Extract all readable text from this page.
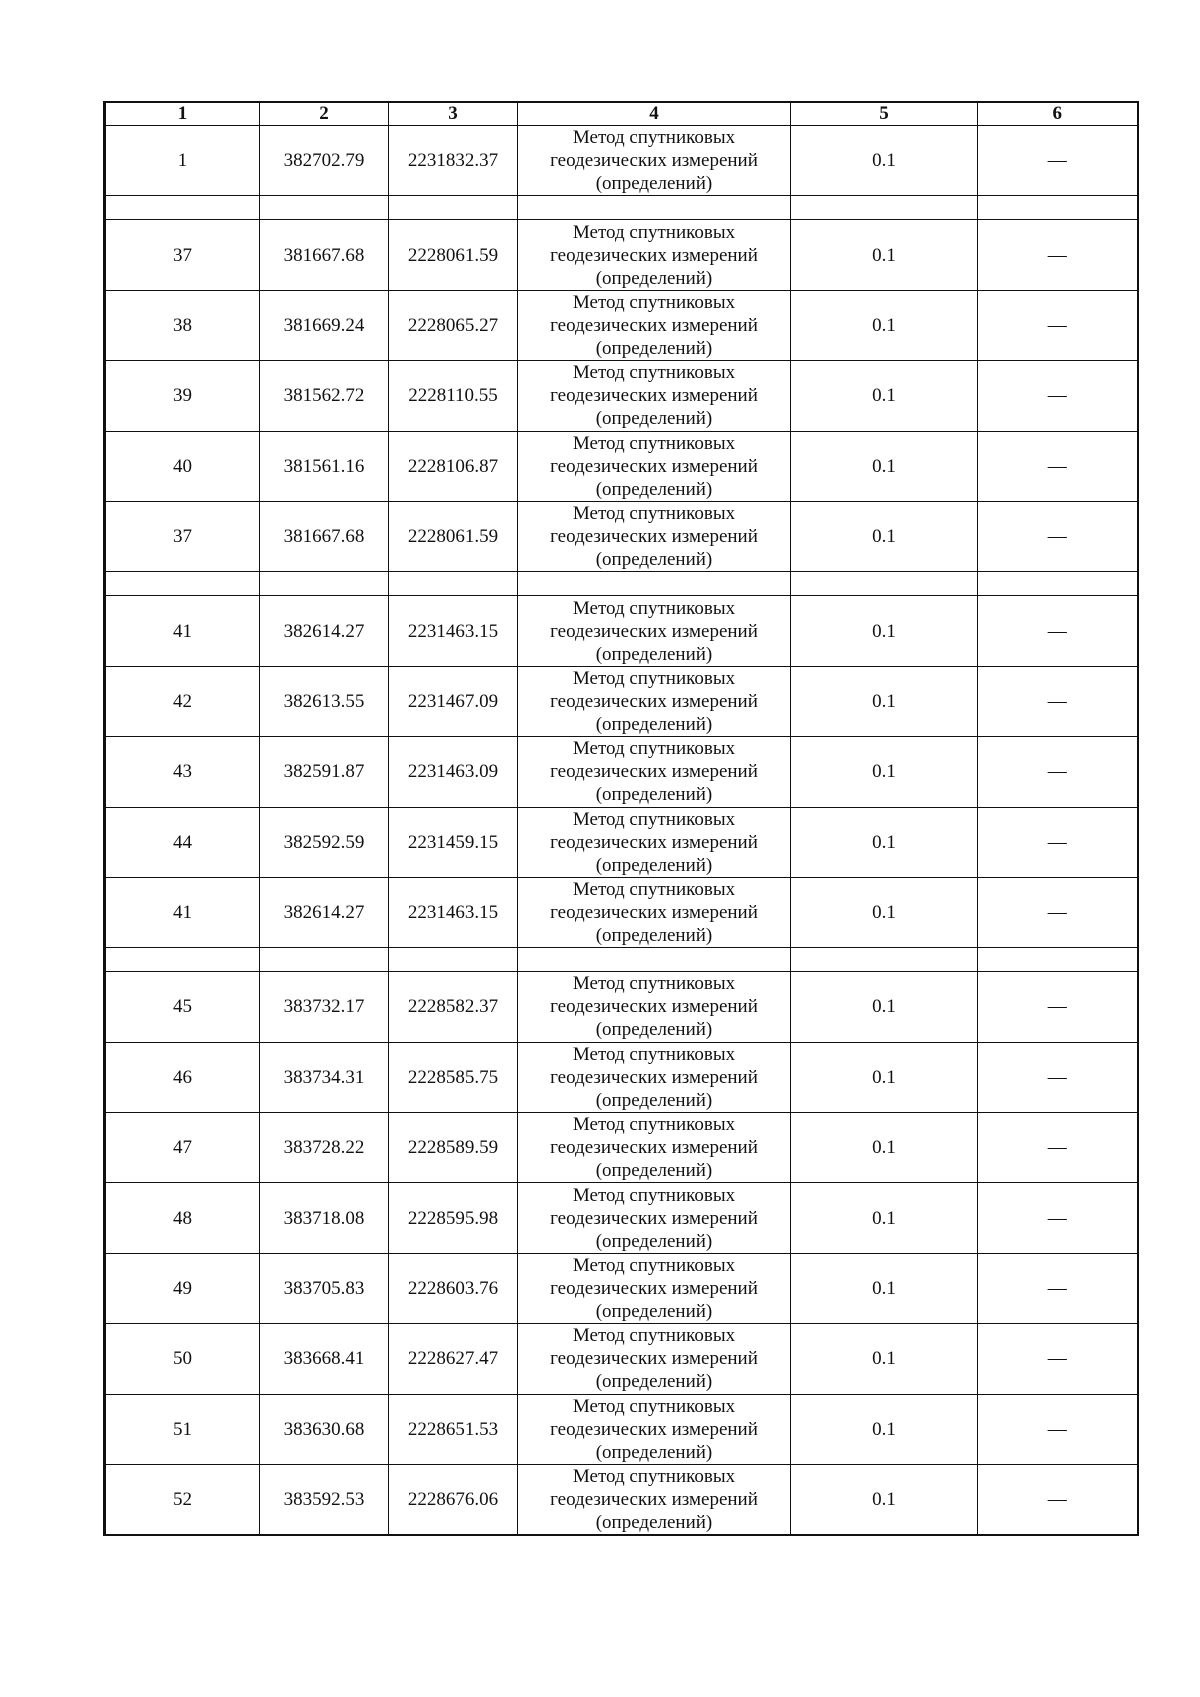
1	2	3	4	5	6
1	382702.79	2231832.37	Метод спутниковых геодезических измерений (определений)	0.1	—

37	381667.68	2228061.59	Метод спутниковых геодезических измерений (определений)	0.1	—
38	381669.24	2228065.27	Метод спутниковых геодезических измерений (определений)	0.1	—
39	381562.72	2228110.55	Метод спутниковых геодезических измерений (определений)	0.1	—
40	381561.16	2228106.87	Метод спутниковых геодезических измерений (определений)	0.1	—
37	381667.68	2228061.59	Метод спутниковых геодезических измерений (определений)	0.1	—

41	382614.27	2231463.15	Метод спутниковых геодезических измерений (определений)	0.1	—
42	382613.55	2231467.09	Метод спутниковых геодезических измерений (определений)	0.1	—
43	382591.87	2231463.09	Метод спутниковых геодезических измерений (определений)	0.1	—
44	382592.59	2231459.15	Метод спутниковых геодезических измерений (определений)	0.1	—
41	382614.27	2231463.15	Метод спутниковых геодезических измерений (определений)	0.1	—

45	383732.17	2228582.37	Метод спутниковых геодезических измерений (определений)	0.1	—
46	383734.31	2228585.75	Метод спутниковых геодезических измерений (определений)	0.1	—
47	383728.22	2228589.59	Метод спутниковых геодезических измерений (определений)	0.1	—
48	383718.08	2228595.98	Метод спутниковых геодезических измерений (определений)	0.1	—
49	383705.83	2228603.76	Метод спутниковых геодезических измерений (определений)	0.1	—
50	383668.41	2228627.47	Метод спутниковых геодезических измерений (определений)	0.1	—
51	383630.68	2228651.53	Метод спутниковых геодезических измерений (определений)	0.1	—
52	383592.53	2228676.06	Метод спутниковых геодезических измерений (определений)	0.1	—
